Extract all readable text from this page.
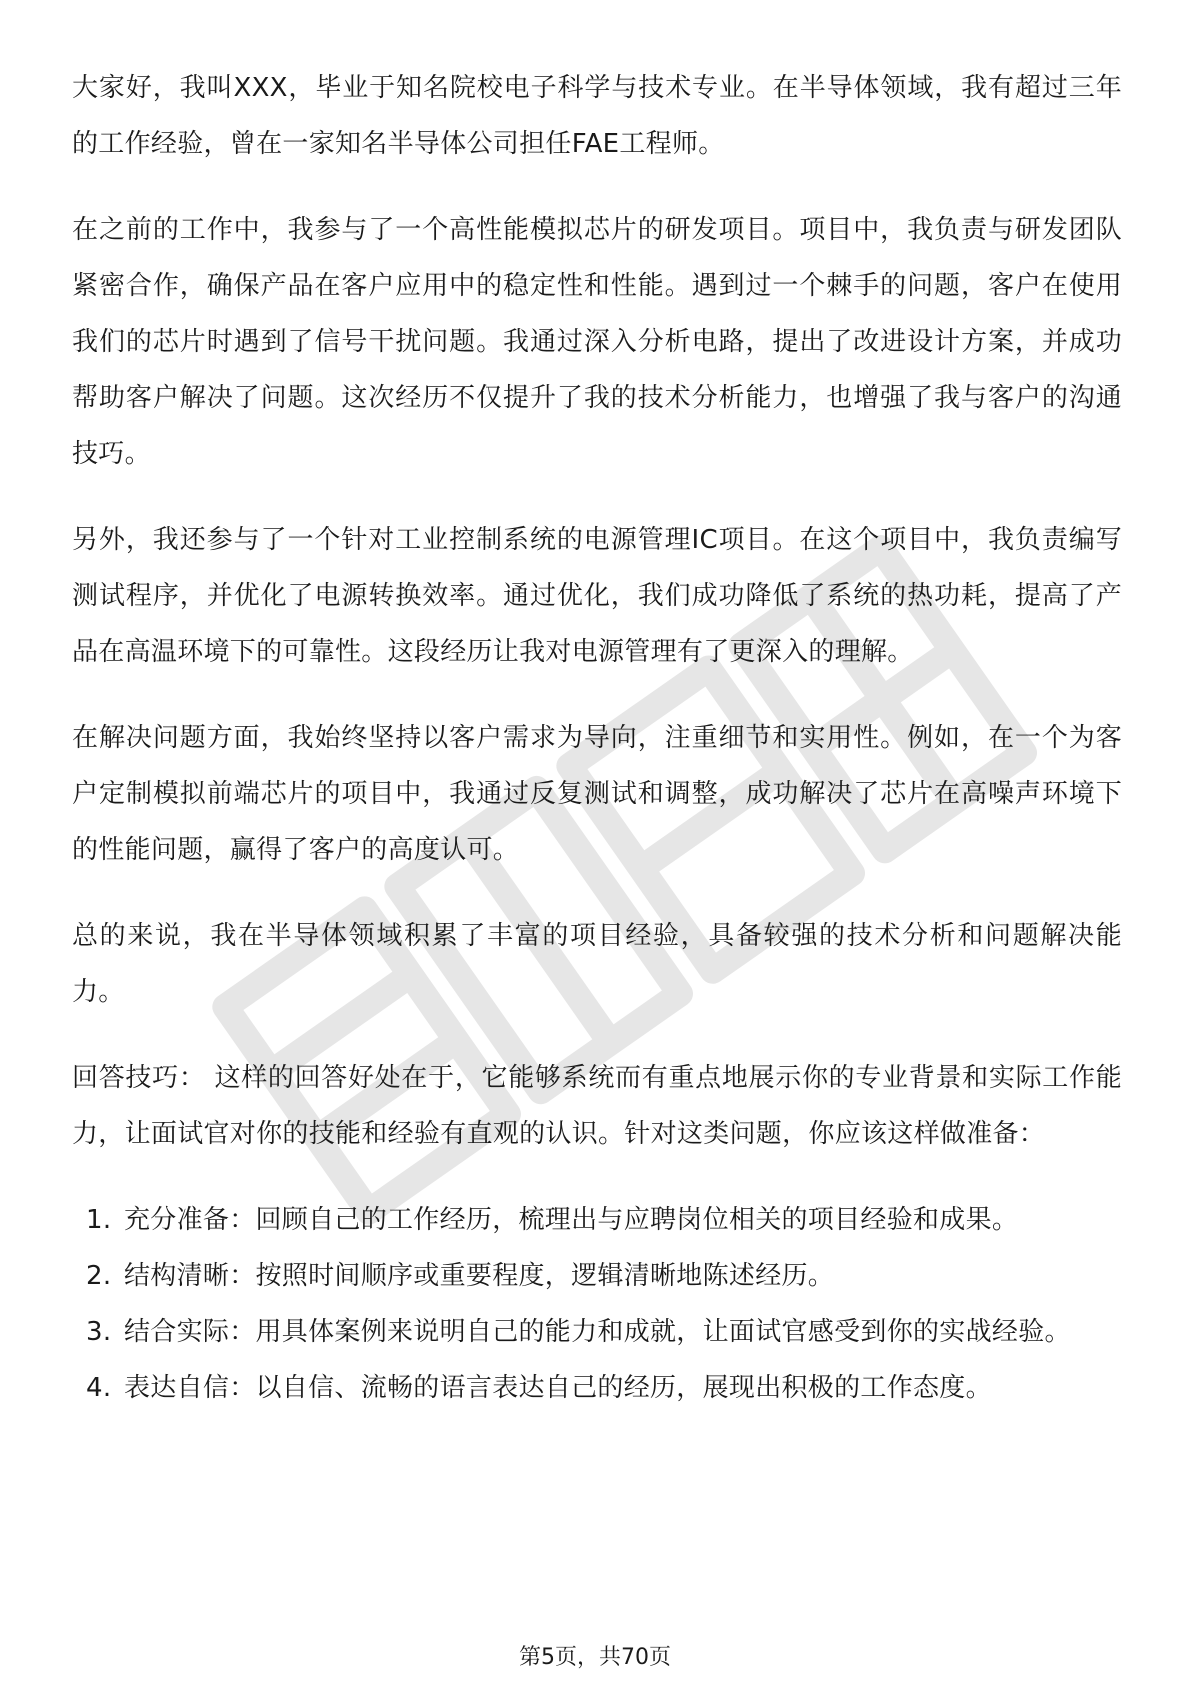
大家好，我叫XXX，毕业于知名院校电子科学与技术专业。在半导体领域，我有超过三年的工作经验，曾在一家知名半导体公司担任FAE工程师。

在之前的工作中，我参与了一个高性能模拟芯片的研发项目。项目中，我负责与研发团队紧密合作，确保产品在客户应用中的稳定性和性能。遇到过一个棘手的问题，客户在使用我们的芯片时遇到了信号干扰问题。我通过深入分析电路，提出了改进设计方案，并成功帮助客户解决了问题。这次经历不仅提升了我的技术分析能力，也增强了我与客户的沟通技巧。

另外，我还参与了一个针对工业控制系统的电源管理IC项目。在这个项目中，我负责编写测试程序，并优化了电源转换效率。通过优化，我们成功降低了系统的热功耗，提高了产品在高温环境下的可靠性。这段经历让我对电源管理有了更深入的理解。

在解决问题方面，我始终坚持以客户需求为导向，注重细节和实用性。例如，在一个为客户定制模拟前端芯片的项目中，我通过反复测试和调整，成功解决了芯片在高噪声环境下的性能问题，赢得了客户的高度认可。

总的来说，我在半导体领域积累了丰富的项目经验，具备较强的技术分析和问题解决能力。

回答技巧： 这样的回答好处在于，它能够系统而有重点地展示你的专业背景和实际工作能力，让面试官对你的技能和经验有直观的认识。针对这类问题，你应该这样做准备：

1. 充分准备：回顾自己的工作经历，梳理出与应聘岗位相关的项目经验和成果。
2. 结构清晰：按照时间顺序或重要程度，逻辑清晰地陈述经历。
3. 结合实际：用具体案例来说明自己的能力和成就，让面试官感受到你的实战经验。
4. 表达自信：以自信、流畅的语言表达自己的经历，展现出积极的工作态度。
第5页，共70页
